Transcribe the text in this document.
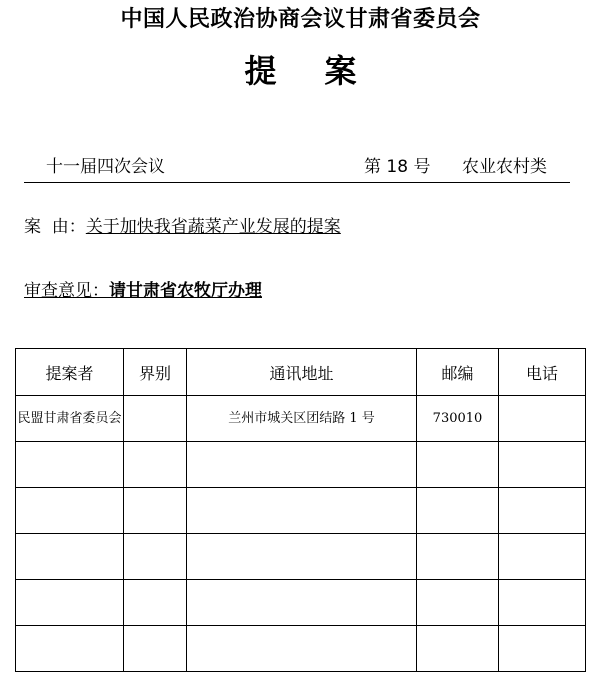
中国人民政治协商会议甘肃省委员会
提案
十一届四次会议	第 18 号 农业农村类
案  由：关于加快我省蔬菜产业发展的提案
审查意见：请甘肃省农牧厅办理
提案者	界别	通讯地址	邮编	电话
民盟甘肃省委员会		兰州市城关区团结路 1 号	730010	
